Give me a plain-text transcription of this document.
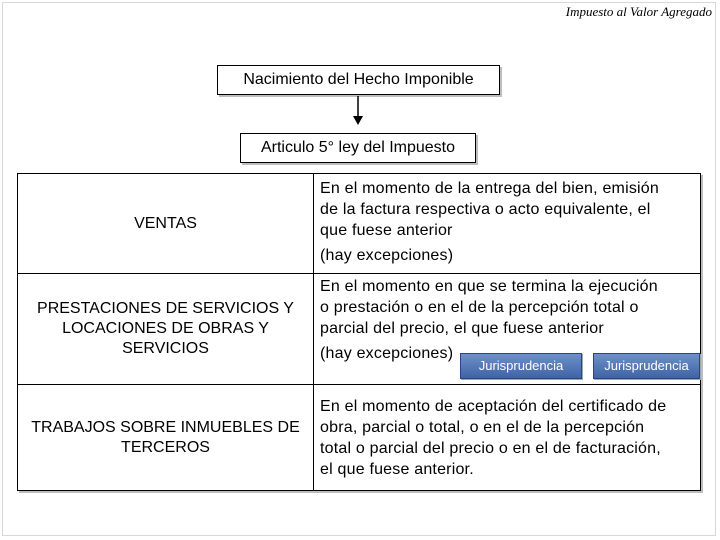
Impuesto al Valor Agregado
Nacimiento del Hecho Imponible
Articulo 5° ley del Impuesto
VENTAS

En el momento de la entrega del bien, emisión

de la factura respectiva o acto equivalente, el

que fuese anterior

(hay excepciones)

PRESTACIONES DE SERVICIOS Y LOCACIONES DE OBRAS Y SERVICIOS

En el momento en que se termina la ejecución

o prestación o en el de la percepción total o

parcial del precio, el que fuese anterior

(hay excepciones)

Jurisprudencia	Jurisprudencia
TRABAJOS SOBRE INMUEBLES DE TERCEROS

En el momento de aceptación del certificado de

obra, parcial o total, o en el de la percepción

total o parcial del precio o en el de facturación,

el que fuese anterior.
